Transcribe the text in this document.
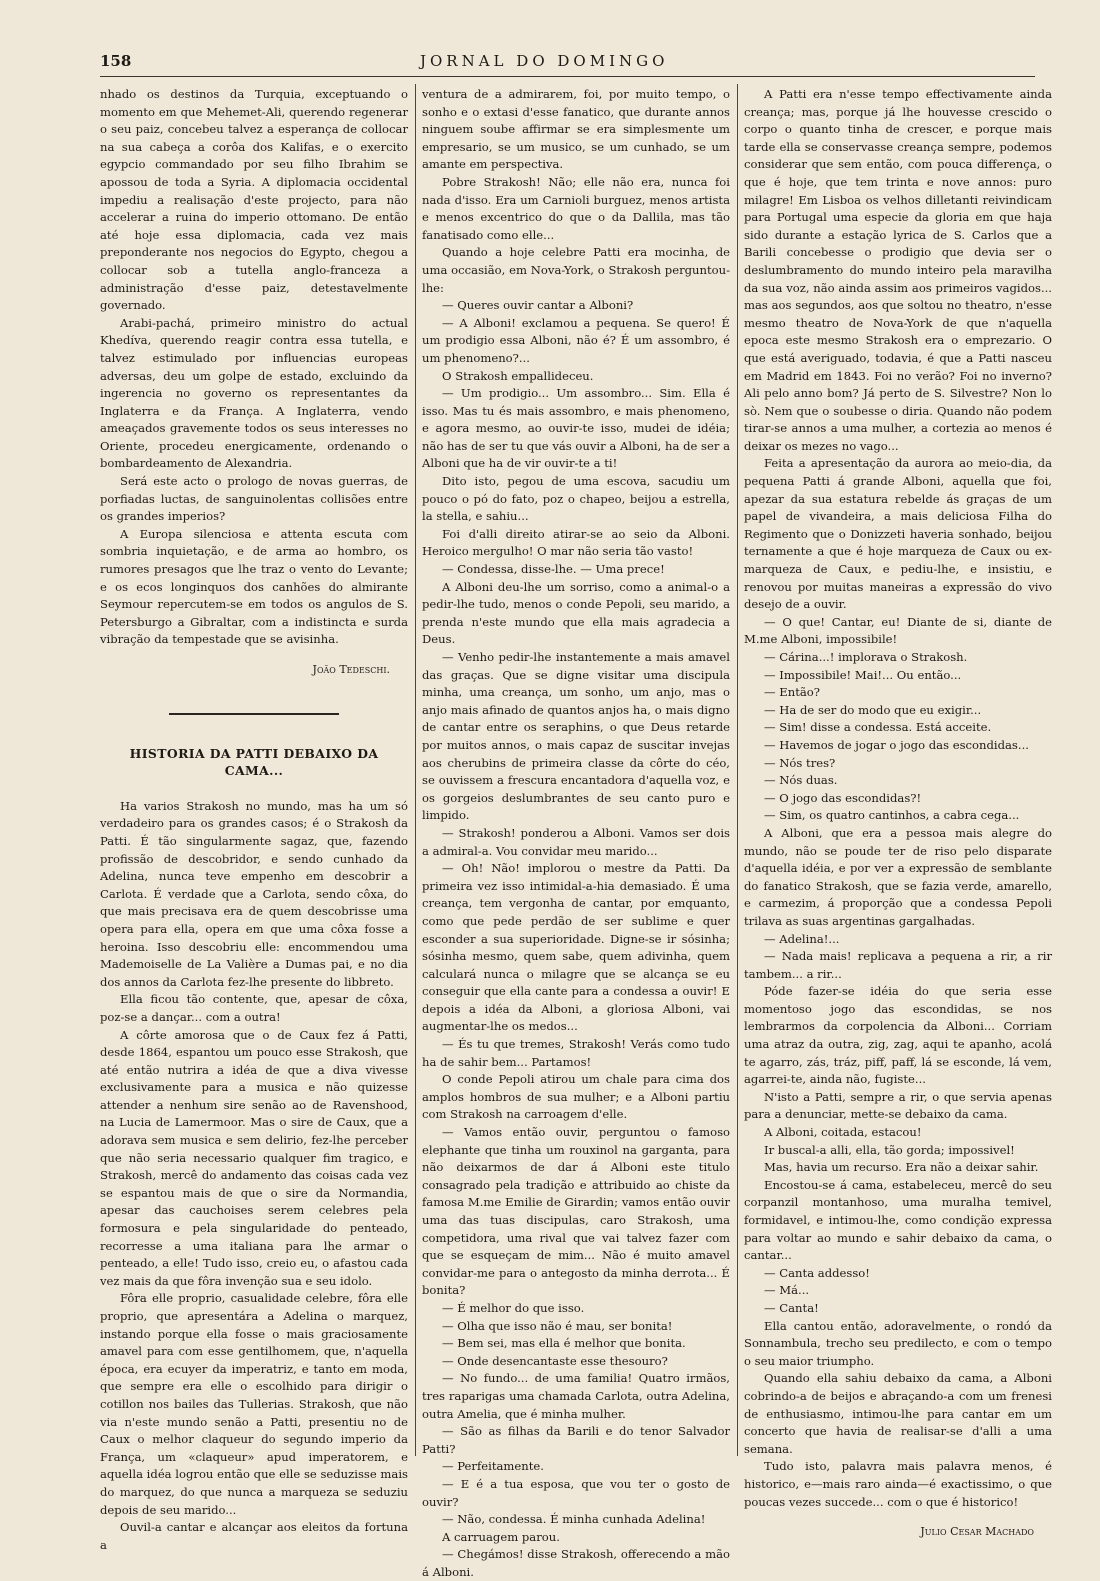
158	JORNAL DO DOMINGO

nhado os destinos da Turquia, exceptuando o momento em que Mehemet-Ali, querendo regenerar o seu paiz, concebeu talvez a esperança de collocar na sua cabeça a corôa dos Kalifas, e o exercito egypcio commandado por seu filho Ibrahim se apossou de toda a Syria. A diplomacia occidental impediu a realisação d'este projecto, para não accelerar a ruina do imperio ottomano. De então até hoje essa diplomacia, cada vez mais preponderante nos negocios do Egypto, chegou a collocar sob a tutella anglo-franceza a administração d'esse paiz, detestavelmente governado.

Arabi-pachá, primeiro ministro do actual Khedíva, querendo reagir contra essa tutella, e talvez estimulado por influencias europeas adversas, deu um golpe de estado, excluindo da ingerencia no governo os representantes da Inglaterra e da França. A Inglaterra, vendo ameaçados gravemente todos os seus interesses no Oriente, procedeu energicamente, ordenando o bombardeamento de Alexandria.

Será este acto o prologo de novas guerras, de porfiadas luctas, de sanguinolentas collisões entre os grandes imperios?

A Europa silenciosa e attenta escuta com sombria inquietação, e de arma ao hombro, os rumores presagos que lhe traz o vento do Levante; e os ecos longinquos dos canhões do almirante Seymour repercutem-se em todos os angulos de S. Petersburgo a Gibraltar, com a indistincta e surda vibração da tempestade que se avisinha.

João Tedeschi.

HISTORIA DA PATTI DEBAIXO DA CAMA...

Ha varios Strakosh no mundo, mas ha um só verdadeiro para os grandes casos; é o Strakosh da Patti. É tão singularmente sagaz, que, fazendo profissão de descobridor, e sendo cunhado da Adelina, nunca teve empenho em descobrir a Carlota. É verdade que a Carlota, sendo côxa, do que mais precisava era de quem descobrisse uma opera para ella, opera em que uma côxa fosse a heroina. Isso descobriu elle: encommendou uma Mademoiselle de La Valière a Dumas pai, e no dia dos annos da Carlota fez-lhe presente do libbreto.

Ella ficou tão contente, que, apesar de côxa, poz-se a dançar... com a outra!

A côrte amorosa que o de Caux fez á Patti, desde 1864, espantou um pouco esse Strakosh, que até então nutrira a idéa de que a diva vivesse exclusivamente para a musica e não quizesse attender a nenhum sire senão ao de Ravenshood, na Lucia de Lamermoor. Mas o sire de Caux, que a adorava sem musica e sem delirio, fez-lhe perceber que não seria necessario qualquer fim tragico, e Strakosh, mercê do andamento das coisas cada vez se espantou mais de que o sire da Normandia, apesar das cauchoises serem celebres pela formosura e pela singularidade do penteado, recorresse a uma italiana para lhe armar o penteado, a elle! Tudo isso, creio eu, o afastou cada vez mais da que fôra invenção sua e seu idolo.

Fôra elle proprio, casualidade celebre, fôra elle proprio, que apresentára a Adelina o marquez, instando porque ella fosse o mais graciosamente amavel para com esse gentilhomem, que, n'aquella época, era ecuyer da imperatriz, e tanto em moda, que sempre era elle o escolhido para dirigir o cotillon nos bailes das Tullerias. Strakosh, que não via n'este mundo senão a Patti, presentiu no de Caux o melhor claqueur do segundo imperio da França, um «claqueur» apud imperatorem, e aquella idéa logrou então que elle se seduzisse mais do marquez, do que nunca a marqueza se seduziu depois de seu marido...

Ouvil-a cantar e alcançar aos eleitos da fortuna a

ventura de a admirarem, foi, por muito tempo, o sonho e o extasi d'esse fanatico, que durante annos ninguem soube affirmar se era simplesmente um empresario, se um musico, se um cunhado, se um amante em perspectiva.

Pobre Strakosh! Não; elle não era, nunca foi nada d'isso. Era um Carnioli burguez, menos artista e menos excentrico do que o da Dallila, mas tão fanatisado como elle...

Quando a hoje celebre Patti era mocinha, de uma occasião, em Nova-York, o Strakosh perguntou-lhe:

— Queres ouvir cantar a Alboni?

— A Alboni! exclamou a pequena. Se quero! É um prodigio essa Alboni, não é? É um assombro, é um phenomeno?...

O Strakosh empallideceu.

— Um prodigio... Um assombro... Sim. Ella é isso. Mas tu és mais assombro, e mais phenomeno, e agora mesmo, ao ouvir-te isso, mudei de idéia; não has de ser tu que vás ouvir a Alboni, ha de ser a Alboni que ha de vir ouvir-te a ti!

Dito isto, pegou de uma escova, sacudiu um pouco o pó do fato, poz o chapeo, beijou a estrella, la stella, e sahiu...

Foi d'alli direito atirar-se ao seio da Alboni. Heroico mergulho! O mar não seria tão vasto!

— Condessa, disse-lhe. — Uma prece!

A Alboni deu-lhe um sorriso, como a animal-o a pedir-lhe tudo, menos o conde Pepoli, seu marido, a prenda n'este mundo que ella mais agradecia a Deus.

— Venho pedir-lhe instantemente a mais amavel das graças. Que se digne visitar uma discipula minha, uma creança, um sonho, um anjo, mas o anjo mais afinado de quantos anjos ha, o mais digno de cantar entre os seraphins, o que Deus retarde por muitos annos, o mais capaz de suscitar invejas aos cherubins de primeira classe da côrte do céo, se ouvissem a frescura encantadora d'aquella voz, e os gorgeios deslumbrantes de seu canto puro e limpido.

— Strakosh! ponderou a Alboni. Vamos ser dois a admiral-a. Vou convidar meu marido...

— Oh! Não! implorou o mestre da Patti. Da primeira vez isso intimidal-a-hia demasiado. É uma creança, tem vergonha de cantar, por emquanto, como que pede perdão de ser sublime e quer esconder a sua superioridade. Digne-se ir sósinha; sósinha mesmo, quem sabe, quem adivinha, quem calculará nunca o milagre que se alcança se eu conseguir que ella cante para a condessa a ouvir! E depois a idéa da Alboni, a gloriosa Alboni, vai augmentar-lhe os medos...

— És tu que tremes, Strakosh! Verás como tudo ha de sahir bem... Partamos!

O conde Pepoli atirou um chale para cima dos amplos hombros de sua mulher; e a Alboni partiu com Strakosh na carroagem d'elle.

— Vamos então ouvir, perguntou o famoso elephante que tinha um rouxinol na garganta, para não deixarmos de dar á Alboni este titulo consagrado pela tradição e attribuido ao chiste da famosa M.me Emilie de Girardin; vamos então ouvir uma das tuas discipulas, caro Strakosh, uma competidora, uma rival que vai talvez fazer com que se esqueçam de mim... Não é muito amavel convidar-me para o antegosto da minha derrota... É bonita?

— É melhor do que isso.

— Olha que isso não é mau, ser bonita!

— Bem sei, mas ella é melhor que bonita.

— Onde desencantaste esse thesouro?

— No fundo... de uma familia! Quatro irmãos, tres raparigas uma chamada Carlota, outra Adelina, outra Amelia, que é minha mulher.

— São as filhas da Barili e do tenor Salvador Patti?

— Perfeitamente.

— E é a tua esposa, que vou ter o gosto de ouvir?

— Não, condessa. É minha cunhada Adelina!

A carruagem parou.

— Chegámos! disse Strakosh, offerecendo a mão á Alboni.

A Patti era n'esse tempo effectivamente ainda creança; mas, porque já lhe houvesse crescido o corpo o quanto tinha de crescer, e porque mais tarde ella se conservasse creança sempre, podemos considerar que sem então, com pouca differença, o que é hoje, que tem trinta e nove annos: puro milagre! Em Lisboa os velhos dilletanti reivindicam para Portugal uma especie da gloria em que haja sido durante a estação lyrica de S. Carlos que a Barili concebesse o prodigio que devia ser o deslumbramento do mundo inteiro pela maravilha da sua voz, não ainda assim aos primeiros vagidos... mas aos segundos, aos que soltou no theatro, n'esse mesmo theatro de Nova-York de que n'aquella epoca este mesmo Strakosh era o emprezario. O que está averiguado, todavia, é que a Patti nasceu em Madrid em 1843. Foi no verão? Foi no inverno? Ali pelo anno bom? Já perto de S. Silvestre? Non lo sò. Nem que o soubesse o diria. Quando não podem tirar-se annos a uma mulher, a cortezia ao menos é deixar os mezes no vago...

Feita a apresentação da aurora ao meio-dia, da pequena Patti á grande Alboni, aquella que foi, apezar da sua estatura rebelde ás graças de um papel de vivandeira, a mais deliciosa Filha do Regimento que o Donizzeti haveria sonhado, beijou ternamente a que é hoje marqueza de Caux ou ex-marqueza de Caux, e pediu-lhe, e insistiu, e renovou por muitas maneiras a expressão do vivo desejo de a ouvir.

— O que! Cantar, eu! Diante de si, diante de M.me Alboni, impossibile!

— Cárina...! implorava o Strakosh.

— Impossibile! Mai!... Ou então...

— Então?

— Ha de ser do modo que eu exigir...

— Sim! disse a condessa. Está acceite.

— Havemos de jogar o jogo das escondidas...

— Nós tres?

— Nós duas.

— O jogo das escondidas?!

— Sim, os quatro cantinhos, a cabra cega...

A Alboni, que era a pessoa mais alegre do mundo, não se poude ter de riso pelo disparate d'aquella idéia, e por ver a expressão de semblante do fanatico Strakosh, que se fazia verde, amarello, e carmezim, á proporção que a condessa Pepoli trilava as suas argentinas gargalhadas.

— Adelina!...

— Nada mais! replicava a pequena a rir, a rir tambem... a rir...

Póde fazer-se idéia do que seria esse momentoso jogo das escondidas, se nos lembrarmos da corpolencia da Alboni... Corriam uma atraz da outra, zig, zag, aqui te apanho, acolá te agarro, zás, tráz, piff, paff, lá se esconde, lá vem, agarrei-te, ainda não, fugiste...

N'isto a Patti, sempre a rir, o que servia apenas para a denunciar, mette-se debaixo da cama.

A Alboni, coitada, estacou!

Ir buscal-a alli, ella, tão gorda; impossivel!

Mas, havia um recurso. Era não a deixar sahir.

Encostou-se á cama, estabeleceu, mercê do seu corpanzil montanhoso, uma muralha temivel, formidavel, e intimou-lhe, como condição expressa para voltar ao mundo e sahir debaixo da cama, o cantar...

— Canta addesso!

— Má...

— Canta!

Ella cantou então, adoravelmente, o rondó da Sonnambula, trecho seu predilecto, e com o tempo o seu maior triumpho.

Quando ella sahiu debaixo da cama, a Alboni cobrindo-a de beijos e abraçando-a com um frenesi de enthusiasmo, intimou-lhe para cantar em um concerto que havia de realisar-se d'alli a uma semana.

Tudo isto, palavra mais palavra menos, é historico, e—mais raro ainda—é exactissimo, o que poucas vezes succede... com o que é historico!

Julio Cesar Machado
